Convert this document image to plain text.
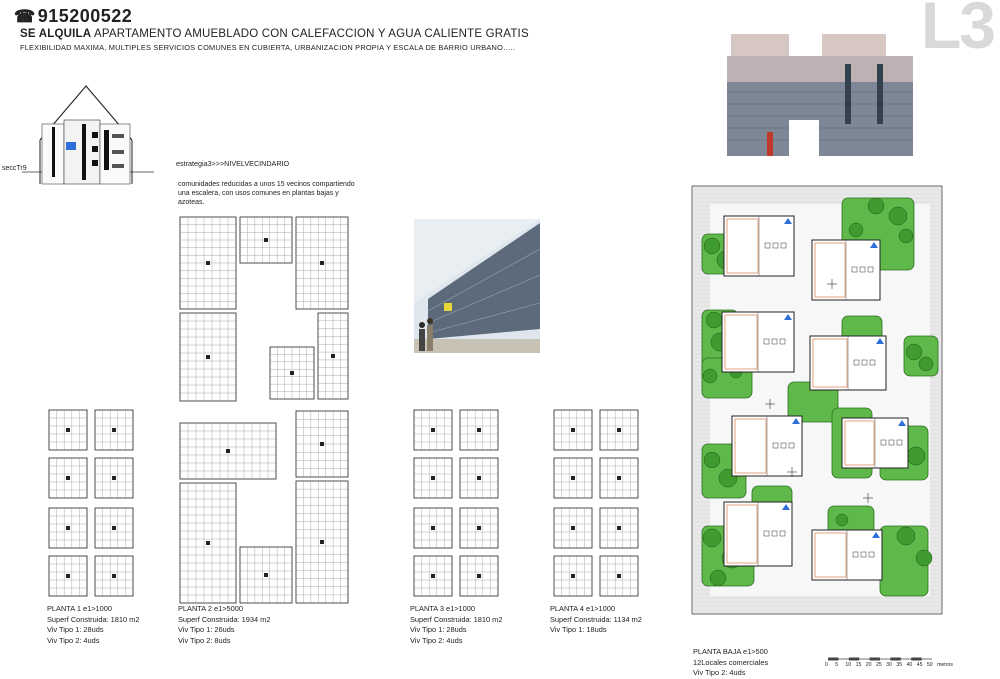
☎ 915200522
SE ALQUILA APARTAMENTO AMUEBLADO CON CALEFACCION Y AGUA CALIENTE GRATIS
FLEXIBILIDAD MAXIMA, MULTIPLES SERVICIOS COMUNES EN CUBIERTA, URBANIZACION PROPIA Y ESCALA DE BARRIO URBANO…..	L3
seccTr9
estrategia3>>>NIVELVECINDARIO
comunidades reducidas a unos 15 vecinos compartiendo
una escalera, con usos comunes en plantas bajas y
azoteas.
PLANTA 1 e1>1000
Superf Construida: 1810 m2
Viv Tipo 1: 28uds
Viv Tipo 2: 4uds
PLANTA 2 e1>5000
Superf Construida: 1934 m2
Viv Tipo 1: 26uds
Viv Tipo 2: 8uds
PLANTA 3 e1>1000
Superf Construida: 1810 m2
Viv Tipo 1: 28uds
Viv Tipo 2: 4uds
PLANTA 4 e1>1000
Superf Construida: 1134 m2
Viv Tipo 1: 18uds
PLANTA BAJA e1>500
12Locales comerciales
Viv Tipo 2: 4uds
0 5 10 15 20 25 30 35 40 45 50 metros
